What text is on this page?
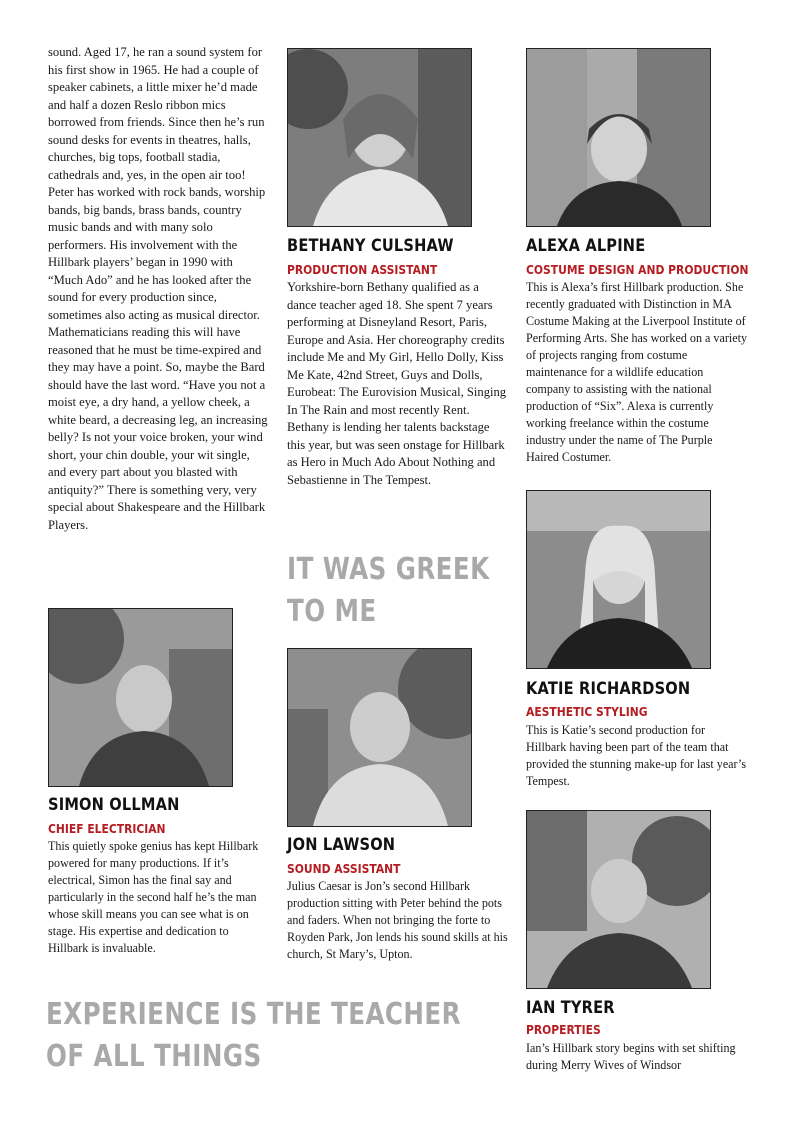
sound. Aged 17, he ran a sound system for his first show in 1965. He had a couple of speaker cabinets, a little mixer he’d made and half a dozen Reslo ribbon mics borrowed from friends. Since then he’s run sound desks for events in theatres, halls, churches, big tops, football stadia, cathedrals and, yes, in the open air too! Peter has worked with rock bands, worship bands, big bands, brass bands, country music bands and with many solo performers. His involvement with the Hillbark players’ began in 1990 with “Much Ado” and he has looked after the sound for every production since, sometimes also acting as musical director. Mathematicians reading this will have reasoned that he must be time-expired and they may have a point. So, maybe the Bard should have the last word. “Have you not a moist eye, a dry hand, a yellow cheek, a white beard, a decreasing leg, an increasing belly? Is not your voice broken, your wind short, your chin double, your wit single, and every part about you blasted with antiquity?” There is something very, very special about Shakespeare and the Hillbark Players.

SIMON OLLMAN
CHIEF ELECTRICIAN

This quietly spoke genius has kept Hillbark powered for many productions. If it’s electrical, Simon has the final say and particularly in the second half he’s the man whose skill means you can see what is on stage. His expertise and dedication to Hillbark is invaluable.

EXPERIENCE IS THE TEACHER
OF ALL THINGS
BETHANY CULSHAW
PRODUCTION ASSISTANT

Yorkshire-born Bethany qualified as a dance teacher aged 18. She spent 7 years performing at Disneyland Resort, Paris, Europe and Asia. Her choreography credits include Me and My Girl, Hello Dolly, Kiss Me Kate, 42nd Street, Guys and Dolls, Eurobeat: The Eurovision Musical, Singing In The Rain and most recently Rent. Bethany is lending her talents backstage this year, but was seen onstage for Hillbark as Hero in Much Ado About Nothing and Sebastienne in The Tempest.

IT WAS GREEK
TO ME
JON LAWSON
SOUND ASSISTANT

Julius Caesar is Jon’s second Hillbark production sitting with Peter behind the pots and faders. When not bringing the forte to Royden Park, Jon lends his sound skills at his church, St Mary’s, Upton.

ALEXA ALPINE
COSTUME DESIGN AND PRODUCTION

This is Alexa’s first Hillbark production. She recently graduated with Distinction in MA Costume Making at the Liverpool Institute of Performing Arts. She has worked on a variety of projects ranging from costume maintenance for a wildlife education company to assisting with the national production of “Six”. Alexa is currently working freelance within the costume industry under the name of The Purple Haired Costumer.

KATIE RICHARDSON
AESTHETIC STYLING

This is Katie’s second production for Hillbark having been part of the team that provided the stunning make-up for last year’s Tempest.

IAN TYRER
PROPERTIES

Ian’s Hillbark story begins with set shifting during Merry Wives of Windsor
